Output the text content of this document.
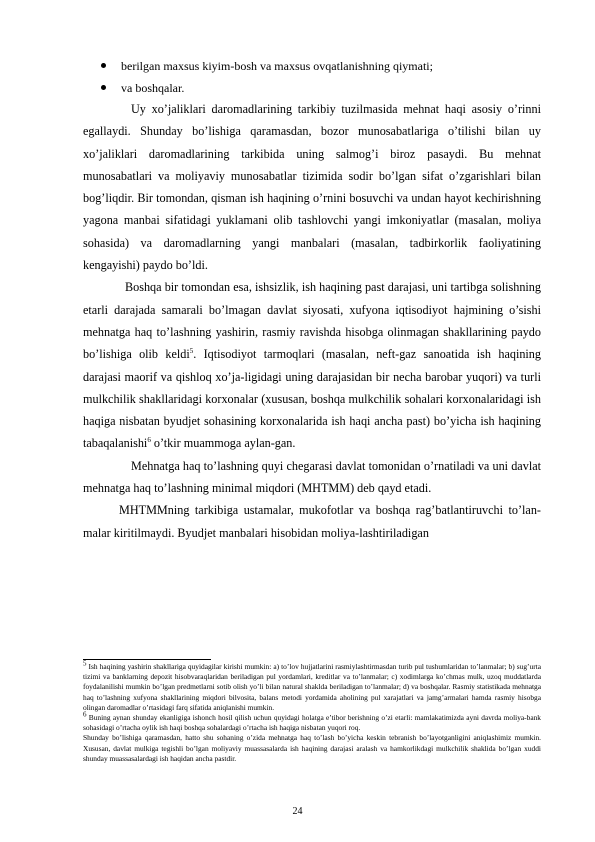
berilgan maxsus kiyim-bosh va maxsus ovqatlanishning qiymati;
va boshqalar.

Uy xo’jaliklari daromadlarining tarkibiy tuzilmasida mehnat haqi asosiy o’rinni egallaydi. Shunday bo’lishiga qaramasdan, bozor munosabatlariga o’tilishi bilan uy xo’jaliklari daromadlarining tarkibida uning salmog’i biroz pasaydi. Bu mehnat munosabatlari va moliyaviy munosabatlar tizimida sodir bo’lgan sifat o’zgarishlari bilan bog’liqdir. Bir tomondan, qisman ish haqining o’rnini bosuvchi va undan hayot kechirishning yagona manbai sifatidagi yuklamani olib tashlovchi yangi imkoniyatlar (masalan, moliya sohasida) va daromadlarning yangi manbalari (masalan, tadbirkorlik faoliyatining kengayishi) paydo bo’ldi.

Boshqa bir tomondan esa, ishsizlik, ish haqining past darajasi, uni tartibga solishning etarli darajada samarali bo’lmagan davlat siyosati, xufyona iqtisodiyot hajmining o’sishi mehnatga haq to’lashning yashirin, rasmiy ravishda hisobga olinmagan shakllarining paydo bo’lishiga olib keldi$^5$. Iqtisodiyot tarmoqlari (masalan, neft-gaz sanoatida ish haqining darajasi maorif va qishloq xo’ja-ligidagi uning darajasidan bir necha barobar yuqori) va turli mulkchilik shakllaridagi korxonalar (xususan, boshqa mulkchilik sohalari korxonalaridagi ish haqiga nisbatan byudjet sohasining korxonalarida ish haqi ancha past) bo’yicha ish haqining tabaqalanishi$^6$ o’tkir muammoga aylan-gan.

Mehnatga haq to’lashning quyi chegarasi davlat tomonidan o’rnatiladi va uni davlat mehnatga haq to’lashning minimal miqdori (MHTMM) deb qayd etadi.

MHTMMning tarkibiga ustamalar, mukofotlar va boshqa rag’batlantiruvchi to’lan-malar kiritilmaydi. Byudjet manbalari hisobidan moliya-lashtiriladigan

$^5$ Ish haqining yashirin shakllariga quyidagilar kirishi mumkin: a) to’lov hujjatlarini rasmiylashtirmasdan turib pul tushumlaridan to’lanmalar; b) sug’urta tizimi va banklarning depozit hisobvaraqlaridan beriladigan pul yordamlari, kreditlar va to’lanmalar; c) xodimlarga ko’chmas mulk, uzoq muddatlarda foydalanilishi mumkin bo’lgan predmetlarni sotib olish yo’li bilan natural shaklda beriladigan to’lanmalar; d) va boshqalar. Rasmiy statistikada mehnatga haq to’lashning xufyona shakllarining miqdori bilvosita, balans metodi yordamida aholining pul xarajatlari va jamg’armalari hamda rasmiy hisobga olingan daromadlar o’rtasidagi farq sifatida aniqlanishi mumkin.

$^6$ Buning aynan shunday ekanligiga ishonch hosil qilish uchun quyidagi holatga e’tibor berishning o’zi etarli: mamlakatimizda ayni davrda moliya-bank sohasidagi o’rtacha oylik ish haqi boshqa sohalardagi o’rtacha ish haqiga nisbatan yuqori roq.

Shunday bo’lishiga qaramasdan, hatto shu sohaning o’zida mehnatga haq to’lash bo’yicha keskin tebranish bo’layotganligini aniqlashimiz mumkin. Xususan, davlat mulkiga tegishli bo’lgan moliyaviy muassasalarda ish haqining darajasi aralash va hamkorlikdagi mulkchilik shaklida bo’lgan xuddi shunday muassasalardagi ish haqidan ancha pastdir.

24
